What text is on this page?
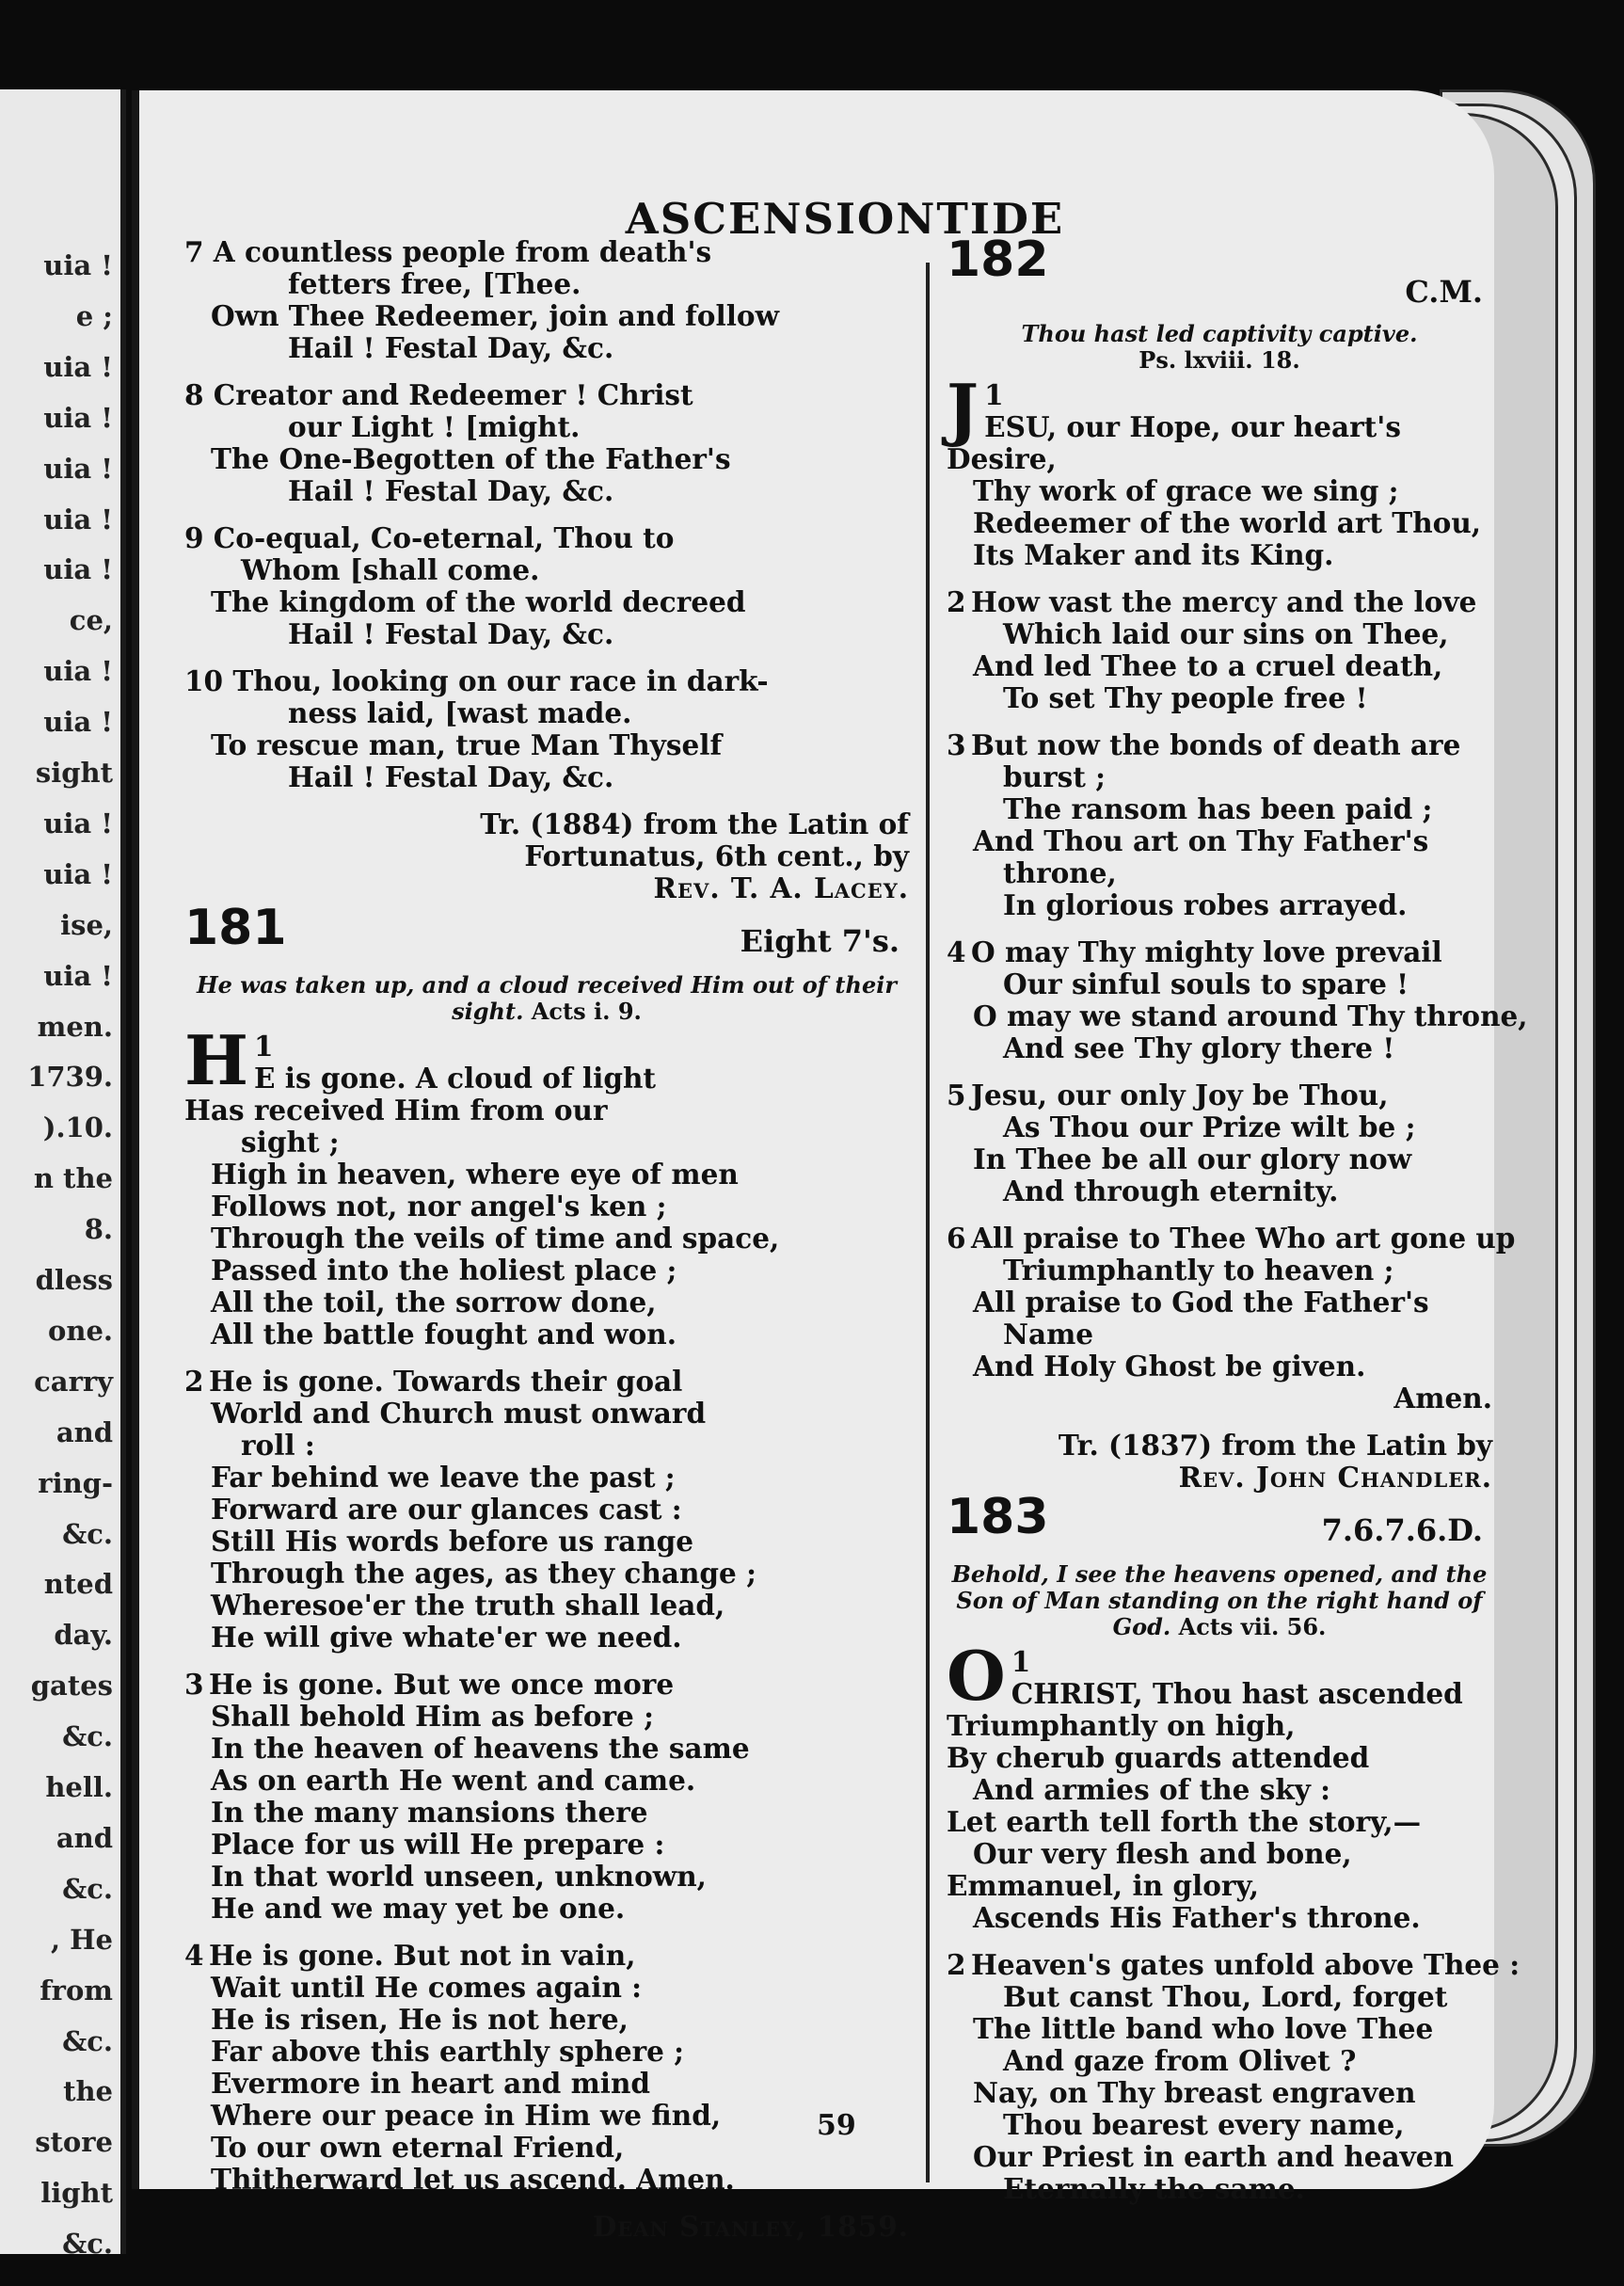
uia !
e ;
uia !
uia !
uia !
uia !
uia !
ce,
uia !
uia !
sight
uia !
uia !
ise,
uia !
men.
1739.
).10.
n the
8.
dless
one.
carry
and
ring-
&c.
nted
day.
gates
&c.
hell.
and
&c.
, He
from
&c.
the
store
light
&c.
ASCENSIONTIDE
7 A countless people from death's
fetters free, [Thee.
Own Thee Redeemer, join and follow
Hail ! Festal Day, &c.
8 Creator and Redeemer ! Christ
our Light ! [might.
The One-Begotten of the Father's
Hail ! Festal Day, &c.
9 Co-equal, Co-eternal, Thou to
Whom [shall come.
The kingdom of the world decreed
Hail ! Festal Day, &c.
10 Thou, looking on our race in dark-
ness laid, [wast made.
To rescue man, true Man Thyself
Hail ! Festal Day, &c.
Tr. (1884) from the Latin of
Fortunatus, 6th cent., by
Rev. T. A. Lacey.
181	Eight 7's.
He was taken up, and a cloud received Him out of their sight. Acts i. 9.
1
H E is gone. A cloud of light
Has received Him from our
sight ;
High in heaven, where eye of men
Follows not, nor angel's ken ;
Through the veils of time and space,
Passed into the holiest place ;
All the toil, the sorrow done,
All the battle fought and won.
2 He is gone. Towards their goal
World and Church must onward
roll :
Far behind we leave the past ;
Forward are our glances cast :
Still His words before us range
Through the ages, as they change ;
Wheresoe'er the truth shall lead,
He will give whate'er we need.
3 He is gone. But we once more
Shall behold Him as before ;
In the heaven of heavens the same
As on earth He went and came.
In the many mansions there
Place for us will He prepare :
In that world unseen, unknown,
He and we may yet be one.
4 He is gone. But not in vain,
Wait until He comes again :
He is risen, He is not here,
Far above this earthly sphere ;
Evermore in heart and mind
Where our peace in Him we find,
To our own eternal Friend,
Thitherward let us ascend. Amen.
Dean Stanley, 1859.
182
C.M.
Thou hast led captivity captive.
Ps. lxviii. 18.
1
J ESU, our Hope, our heart's
Desire,
Thy work of grace we sing ;
Redeemer of the world art Thou,
Its Maker and its King.
2 How vast the mercy and the love
Which laid our sins on Thee,
And led Thee to a cruel death,
To set Thy people free !
3 But now the bonds of death are
burst ;
The ransom has been paid ;
And Thou art on Thy Father's
throne,
In glorious robes arrayed.
4 O may Thy mighty love prevail
Our sinful souls to spare !
O may we stand around Thy throne,
And see Thy glory there !
5 Jesu, our only Joy be Thou,
As Thou our Prize wilt be ;
In Thee be all our glory now
And through eternity.
6 All praise to Thee Who art gone up
Triumphantly to heaven ;
All praise to God the Father's
Name
And Holy Ghost be given.
Amen.
Tr. (1837) from the Latin by
Rev. John Chandler.
183	7.6.7.6.D.
Behold, I see the heavens opened, and the Son of Man standing on the right hand of God. Acts vii. 56.
1
O CHRIST, Thou hast ascended
Triumphantly on high,
By cherub guards attended
And armies of the sky :
Let earth tell forth the story,—
Our very flesh and bone,
Emmanuel, in glory,
Ascends His Father's throne.
2 Heaven's gates unfold above Thee :
But canst Thou, Lord, forget
The little band who love Thee
And gaze from Olivet ?
Nay, on Thy breast engraven
Thou bearest every name,
Our Priest in earth and heaven
Eternally the same.
59
